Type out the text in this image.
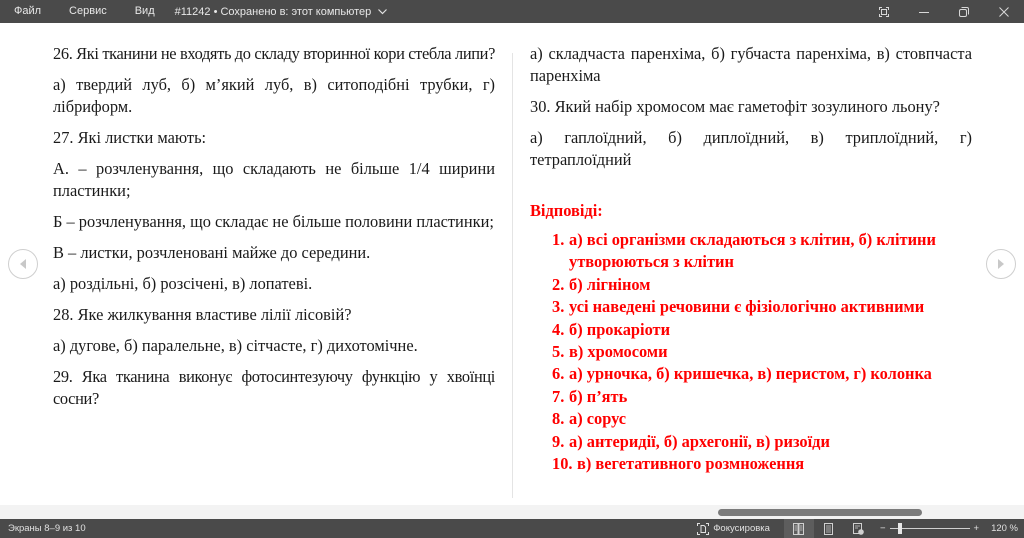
Файл	Сервис	Вид	#11242 • Сохранено в: этот компьютер

26. Які тканини не входять до складу вторинної кори стебла липи?

а) твердий луб, б) м’який луб, в) ситоподібні трубки, г) лібриформ.

27. Які листки мають:

А. – розчленування, що складають не більше 1/4 ширини пластинки;

Б – розчленування, що складає не більше половини пластинки;

В – листки, розчленовані майже до середини.

а) роздільні, б) розсічені, в) лопатеві.

28. Яке жилкування властиве лілії лісовій?

а) дугове, б) паралельне, в) сітчасте, г) дихотомічне.

29. Яка тканина виконує фотосинтезуючу функцію у хвоїнці сосни?

а) складчаста паренхіма, б) губчаста паренхіма, в) стовпчаста паренхіма

30. Який набір хромосом має гаметофіт зозулиного льону?

а) гаплоїдний, б) диплоїдний, в) триплоїдний, г) тетраплоїдний

Відповіді:
1. а) всі організми складаються з клітин, б) клітини утворюються з клітин
2. б) лігніном
3. усі наведені речовини є фізіологічно активними
4. б) прокаріоти
5. в) хромосоми
6. а) урночка, б) кришечка, в) перистом, г) колонка
7. б) п’ять
8. а) сорус
9. а) антеридії, б) архегонії, в) ризоїди
10. в) вегетативного розмноження
Экраны 8–9 из 10	Фокусировка	−	+ 120 %
